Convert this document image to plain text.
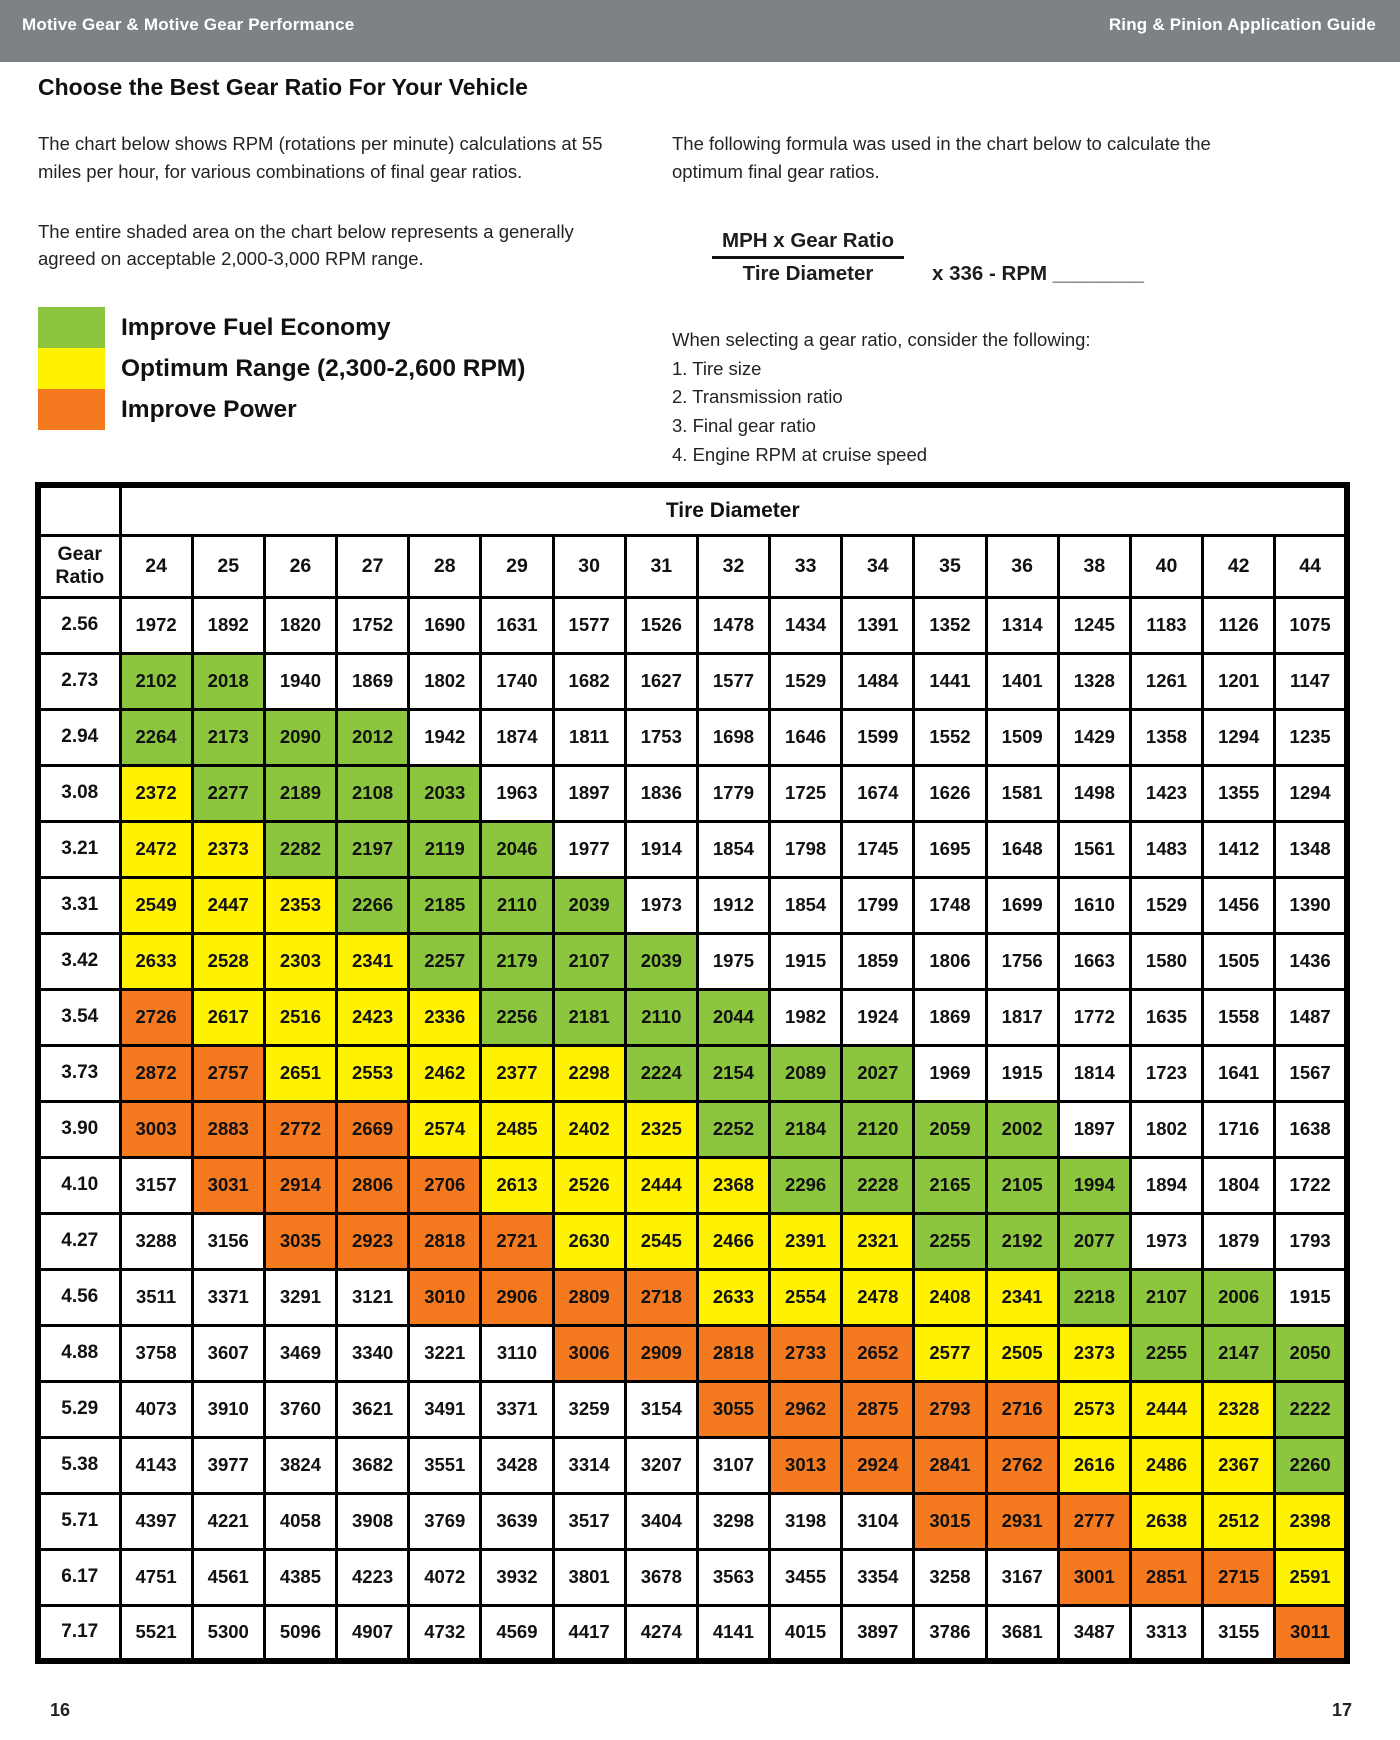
Motive Gear & Motive Gear Performance	Ring & Pinion Application Guide
Choose the Best Gear Ratio For Your Vehicle

The chart below shows RPM (rotations per minute) calculations at 55 miles per hour, for various combinations of final gear ratios.

The entire shaded area on the chart below represents a generally agreed on acceptable 2,000-3,000 RPM range.

Improve Fuel Economy
Optimum Range (2,300-2,600 RPM)
Improve Power

The following formula was used in the chart below to calculate the optimum final gear ratios.

$\frac{\text{MPH x Gear Ratio}}{\text{Tire Diameter}}$ x 336 - RPM ________

When selecting a gear ratio, consider the following:

1. Tire size
2. Transmission ratio
3. Final gear ratio
4. Engine RPM at cruise speed
	Tire Diameter																
Gear
Ratio	24	25	26	27	28	29	30	31	32	33	34	35	36	38	40	42	44
2.56	1972	1892	1820	1752	1690	1631	1577	1526	1478	1434	1391	1352	1314	1245	1183	1126	1075
2.73	2102	2018	1940	1869	1802	1740	1682	1627	1577	1529	1484	1441	1401	1328	1261	1201	1147
2.94	2264	2173	2090	2012	1942	1874	1811	1753	1698	1646	1599	1552	1509	1429	1358	1294	1235
3.08	2372	2277	2189	2108	2033	1963	1897	1836	1779	1725	1674	1626	1581	1498	1423	1355	1294
3.21	2472	2373	2282	2197	2119	2046	1977	1914	1854	1798	1745	1695	1648	1561	1483	1412	1348
3.31	2549	2447	2353	2266	2185	2110	2039	1973	1912	1854	1799	1748	1699	1610	1529	1456	1390
3.42	2633	2528	2303	2341	2257	2179	2107	2039	1975	1915	1859	1806	1756	1663	1580	1505	1436
3.54	2726	2617	2516	2423	2336	2256	2181	2110	2044	1982	1924	1869	1817	1772	1635	1558	1487
3.73	2872	2757	2651	2553	2462	2377	2298	2224	2154	2089	2027	1969	1915	1814	1723	1641	1567
3.90	3003	2883	2772	2669	2574	2485	2402	2325	2252	2184	2120	2059	2002	1897	1802	1716	1638
4.10	3157	3031	2914	2806	2706	2613	2526	2444	2368	2296	2228	2165	2105	1994	1894	1804	1722
4.27	3288	3156	3035	2923	2818	2721	2630	2545	2466	2391	2321	2255	2192	2077	1973	1879	1793
4.56	3511	3371	3291	3121	3010	2906	2809	2718	2633	2554	2478	2408	2341	2218	2107	2006	1915
4.88	3758	3607	3469	3340	3221	3110	3006	2909	2818	2733	2652	2577	2505	2373	2255	2147	2050
5.29	4073	3910	3760	3621	3491	3371	3259	3154	3055	2962	2875	2793	2716	2573	2444	2328	2222
5.38	4143	3977	3824	3682	3551	3428	3314	3207	3107	3013	2924	2841	2762	2616	2486	2367	2260
5.71	4397	4221	4058	3908	3769	3639	3517	3404	3298	3198	3104	3015	2931	2777	2638	2512	2398
6.17	4751	4561	4385	4223	4072	3932	3801	3678	3563	3455	3354	3258	3167	3001	2851	2715	2591
7.17	5521	5300	5096	4907	4732	4569	4417	4274	4141	4015	3897	3786	3681	3487	3313	3155	3011
16	17
